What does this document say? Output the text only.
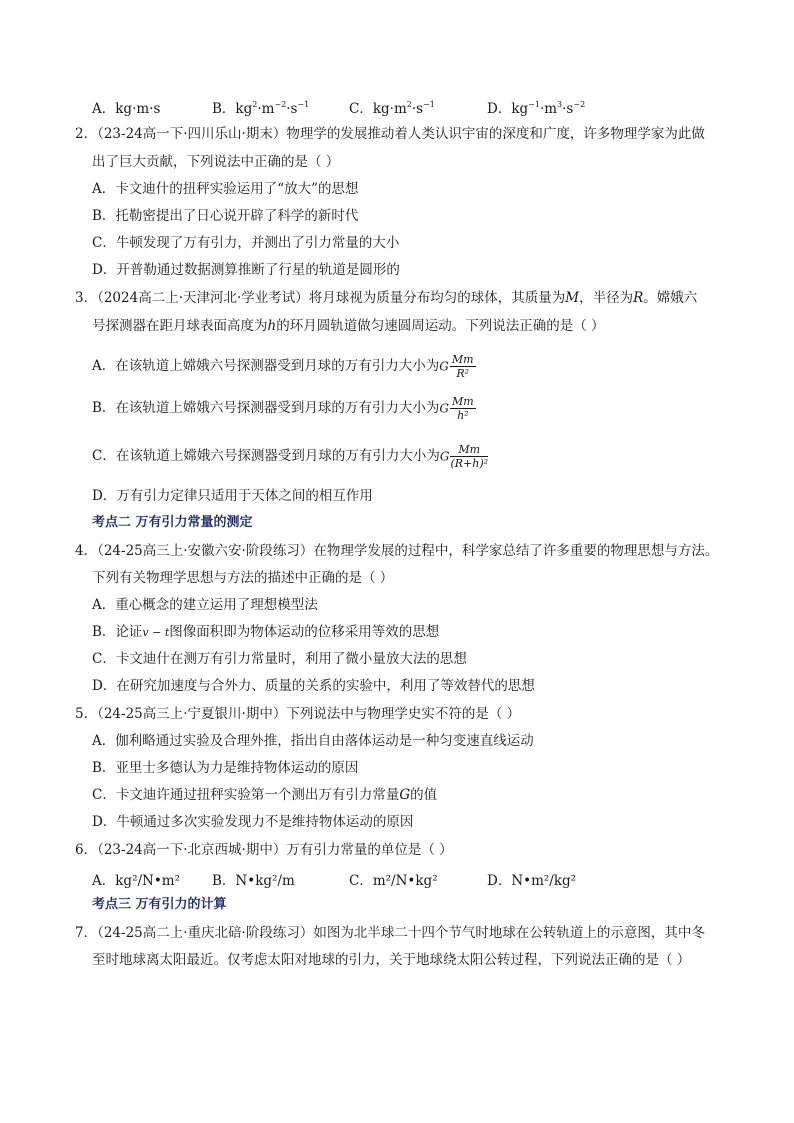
A．kg·m·s	B．$kg^2\cdot m^{-2}\cdot s^{-1}$	C．$kg\cdot m^2\cdot s^{-1}$	D．$kg^{-1}\cdot m^3\cdot s^{-2}$
2．（23-24高一下·四川乐山·期末）物理学的发展推动着人类认识宇宙的深度和广度，许多物理学家为此做
出了巨大贡献，下列说法中正确的是（ ）
A．卡文迪什的扭秤实验运用了“放大”的思想
B．托勒密提出了日心说开辟了科学的新时代
C．牛顿发现了万有引力，并测出了引力常量的大小
D．开普勒通过数据测算推断了行星的轨道是圆形的
3．（2024高二上·天津河北·学业考试）将月球视为质量分布均匀的球体，其质量为M，半径为R。嫦娥六
号探测器在距月球表面高度为h的环月圆轨道做匀速圆周运动。下列说法正确的是（ ）
A．在该轨道上嫦娥六号探测器受到月球的万有引力大小为G $\frac{Mm}{\text{R²}}$
B．在该轨道上嫦娥六号探测器受到月球的万有引力大小为G $\frac{Mm}{\text{h²}}$
C．在该轨道上嫦娥六号探测器受到月球的万有引力大小为G $\frac{Mm}{\text{(R+h)²}}$
D．万有引力定律只适用于天体之间的相互作用
考点二 万有引力常量的测定
4．（24-25高三上·安徽六安·阶段练习）在物理学发展的过程中，科学家总结了许多重要的物理思想与方法。
下列有关物理学思想与方法的描述中正确的是（ ）
A．重心概念的建立运用了理想模型法
B．论证v − t图像面积即为物体运动的位移采用等效的思想
C．卡文迪什在测万有引力常量时，利用了微小量放大法的思想
D．在研究加速度与合外力、质量的关系的实验中，利用了等效替代的思想
5．（24-25高三上·宁夏银川·期中）下列说法中与物理学史实不符的是（ ）
A．伽利略通过实验及合理外推，指出自由落体运动是一种匀变速直线运动
B．亚里士多德认为力是维持物体运动的原因
C．卡文迪许通过扭秤实验第一个测出万有引力常量G的值
D．牛顿通过多次实验发现力不是维持物体运动的原因
6．（23-24高一下·北京西城·期中）万有引力常量的单位是（ ）
A．kg²/N•m²	B．N•kg²/m	C．m²/N•kg²	D．N•m²/kg²
考点三 万有引力的计算
7．（24-25高二上·重庆北碚·阶段练习）如图为北半球二十四个节气时地球在公转轨道上的示意图，其中冬
至时地球离太阳最近。仅考虑太阳对地球的引力，关于地球绕太阳公转过程，下列说法正确的是（ ）
